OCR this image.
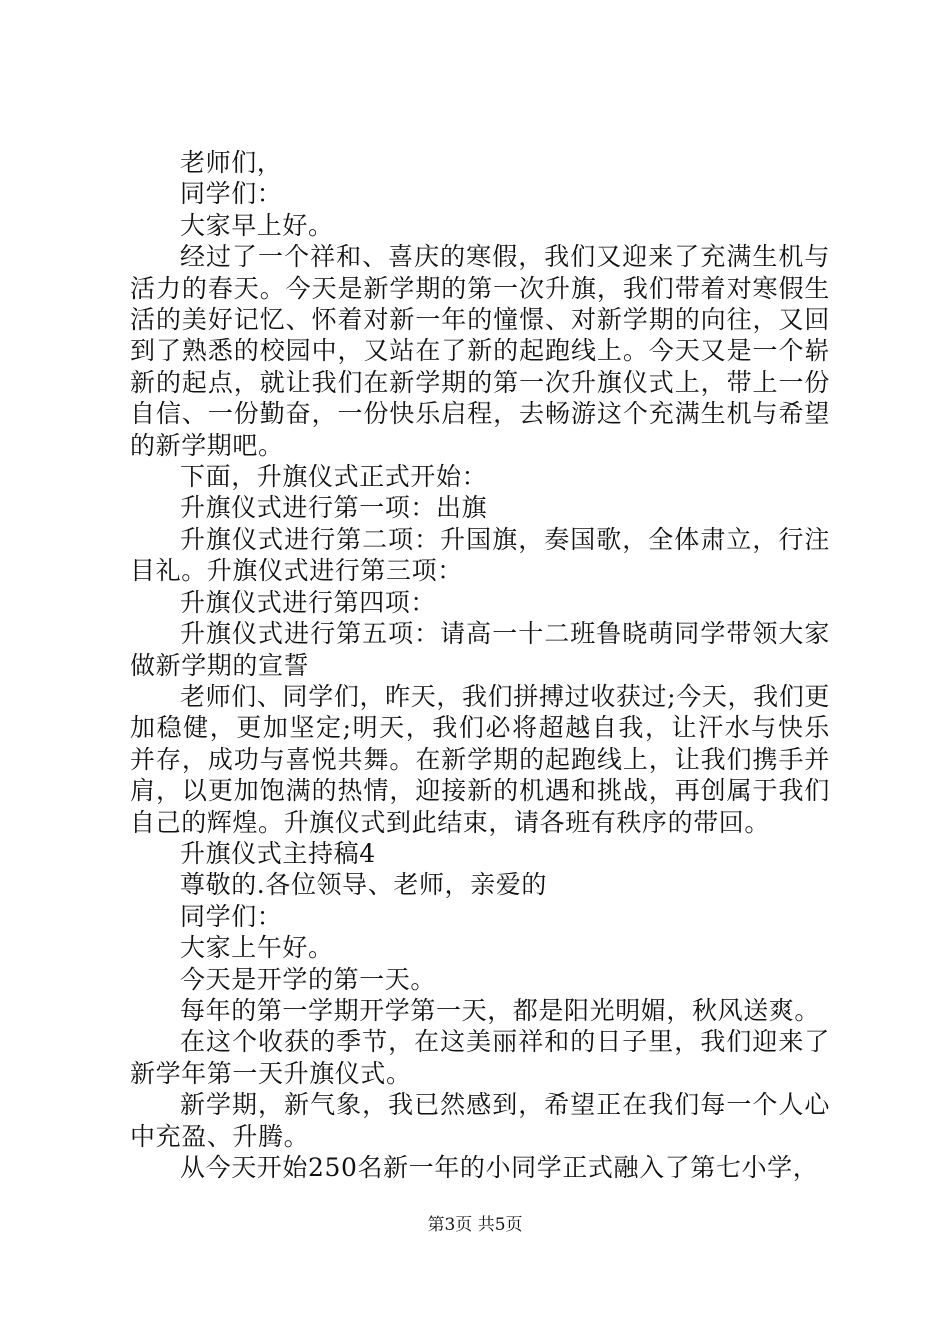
老师们，

同学们：

大家早上好。

经过了一个祥和、喜庆的寒假，我们又迎来了充满生机与活力的春天。今天是新学期的第一次升旗，我们带着对寒假生活的美好记忆、怀着对新一年的憧憬、对新学期的向往，又回到了熟悉的校园中，又站在了新的起跑线上。今天又是一个崭新的起点，就让我们在新学期的第一次升旗仪式上，带上一份自信、一份勤奋，一份快乐启程，去畅游这个充满生机与希望的新学期吧。

下面，升旗仪式正式开始：

升旗仪式进行第一项：出旗

升旗仪式进行第二项：升国旗，奏国歌，全体肃立，行注目礼。升旗仪式进行第三项：

升旗仪式进行第四项：

升旗仪式进行第五项：请高一十二班鲁晓萌同学带领大家做新学期的宣誓

老师们、同学们，昨天，我们拼搏过收获过;今天，我们更加稳健，更加坚定;明天，我们必将超越自我，让汗水与快乐并存，成功与喜悦共舞。在新学期的起跑线上，让我们携手并肩，以更加饱满的热情，迎接新的机遇和挑战，再创属于我们自己的辉煌。升旗仪式到此结束，请各班有秩序的带回。

升旗仪式主持稿4

尊敬的.各位领导、老师，亲爱的

同学们：

大家上午好。

今天是开学的第一天。

每年的第一学期开学第一天，都是阳光明媚，秋风送爽。

在这个收获的季节，在这美丽祥和的日子里，我们迎来了新学年第一天升旗仪式。

新学期，新气象，我已然感到，希望正在我们每一个人心中充盈、升腾。

从今天开始250名新一年的小同学正式融入了第七小学，

第3页 共5页
